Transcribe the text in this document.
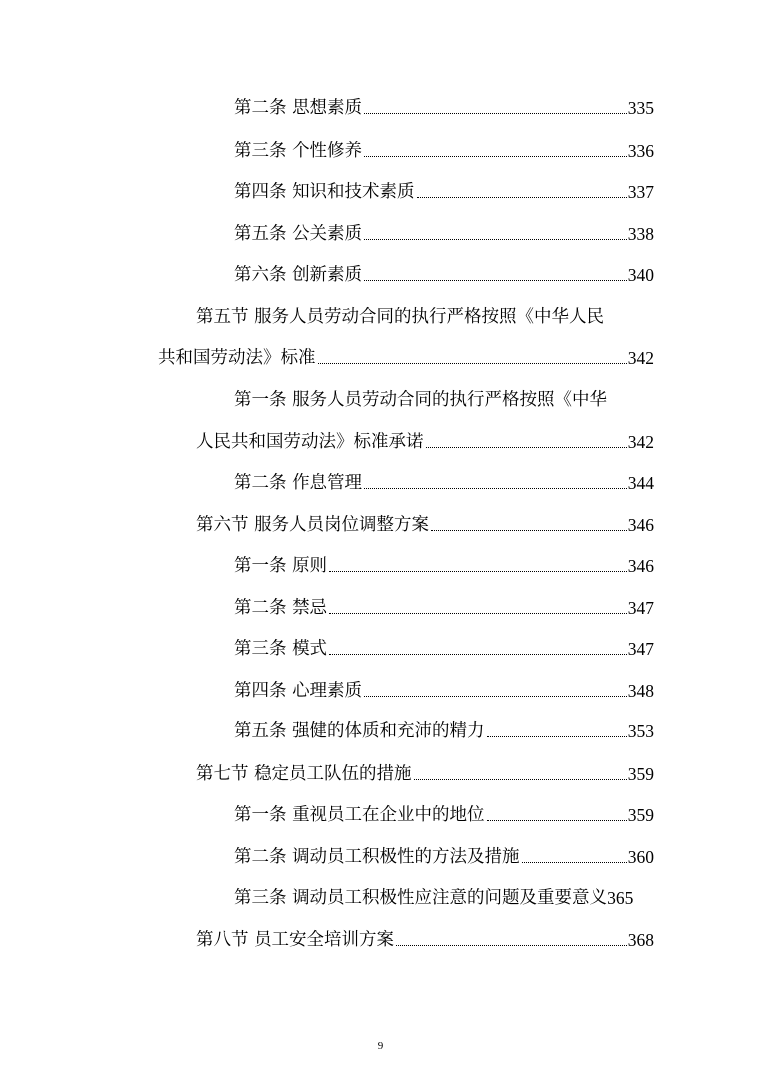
第二条 思想素质	335
第三条 个性修养	336
第四条 知识和技术素质	337
第五条 公关素质	338
第六条 创新素质	340
第五节 服务人员劳动合同的执行严格按照《中华人民
共和国劳动法》标准	342
第一条 服务人员劳动合同的执行严格按照《中华
人民共和国劳动法》标准承诺	342
第二条 作息管理	344
第六节 服务人员岗位调整方案	346
第一条 原则	346
第二条 禁忌	347
第三条 模式	347
第四条 心理素质	348
第五条 强健的体质和充沛的精力	353
第七节 稳定员工队伍的措施	359
第一条 重视员工在企业中的地位	359
第二条 调动员工积极性的方法及措施	360
第三条 调动员工积极性应注意的问题及重要意义 365
第八节 员工安全培训方案	368
9
